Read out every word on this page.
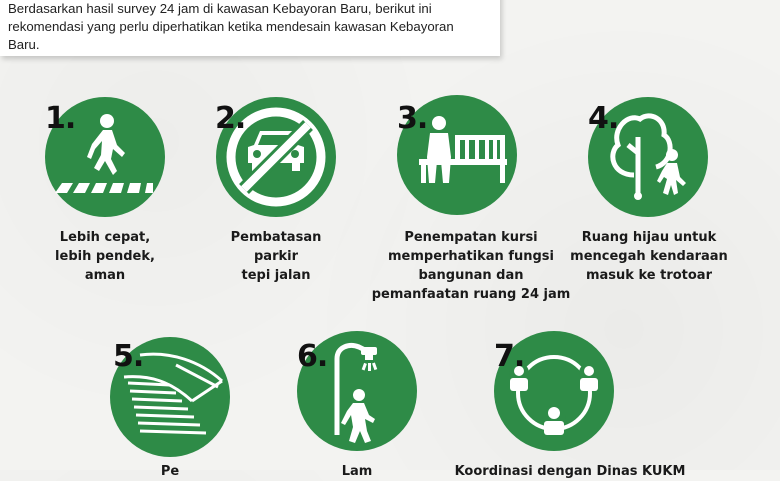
Berdasarkan hasil survey 24 jam di kawasan Kebayoran Baru, berikut ini rekomendasi yang perlu diperhatikan ketika mendesain kawasan Kebayoran Baru.

1.
Lebih cepat,
lebih pendek,
aman
2.
Pembatasan
parkir
tepi jalan
3.
Penempatan kursi
memperhatikan fungsi
bangunan dan
pemanfaatan ruang 24 jam
4.
Ruang hijau untuk
mencegah kendaraan
masuk ke trotoar
5.
Pe
6.
Lam
7.
Koordinasi dengan Dinas KUKM
